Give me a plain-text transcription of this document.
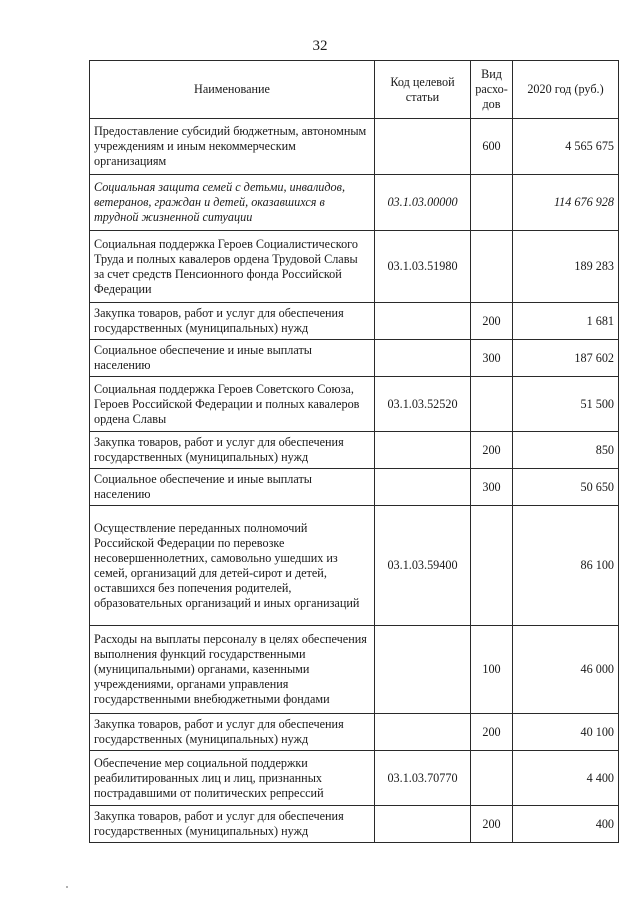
32
Наименование	Код целевой статьи	Вид расхо-дов	2020 год (руб.)
Предоставление субсидий бюджетным, автономным учреждениям и иным некоммерческим организациям		600	4 565 675
Социальная защита семей с детьми, инвалидов, ветеранов, граждан и детей, оказавшихся в трудной жизненной ситуации	03.1.03.00000		114 676 928
Социальная поддержка Героев Социалистического Труда и полных кавалеров ордена Трудовой Славы за счет средств Пенсионного фонда Российской Федерации	03.1.03.51980		189 283
Закупка товаров, работ и услуг для обеспечения государственных (муниципальных) нужд		200	1 681
Социальное обеспечение и иные выплаты населению		300	187 602
Социальная поддержка Героев Советского Союза, Героев Российской Федерации и полных кавалеров ордена Славы	03.1.03.52520		51 500
Закупка товаров, работ и услуг для обеспечения государственных (муниципальных) нужд		200	850
Социальное обеспечение и иные выплаты населению		300	50 650
Осуществление переданных полномочий Российской Федерации по перевозке несовершеннолетних, самовольно ушедших из семей, организаций для детей-сирот и детей, оставшихся без попечения родителей, образовательных организаций и иных организаций	03.1.03.59400		86 100
Расходы на выплаты персоналу в целях обеспечения выполнения функций государственными (муниципальными) органами, казенными учреждениями, органами управления государственными внебюджетными фондами		100	46 000
Закупка товаров, работ и услуг для обеспечения государственных (муниципальных) нужд		200	40 100
Обеспечение мер социальной поддержки реабилитированных лиц и лиц, признанных пострадавшими от политических репрессий	03.1.03.70770		4 400
Закупка товаров, работ и услуг для обеспечения государственных (муниципальных) нужд		200	400
